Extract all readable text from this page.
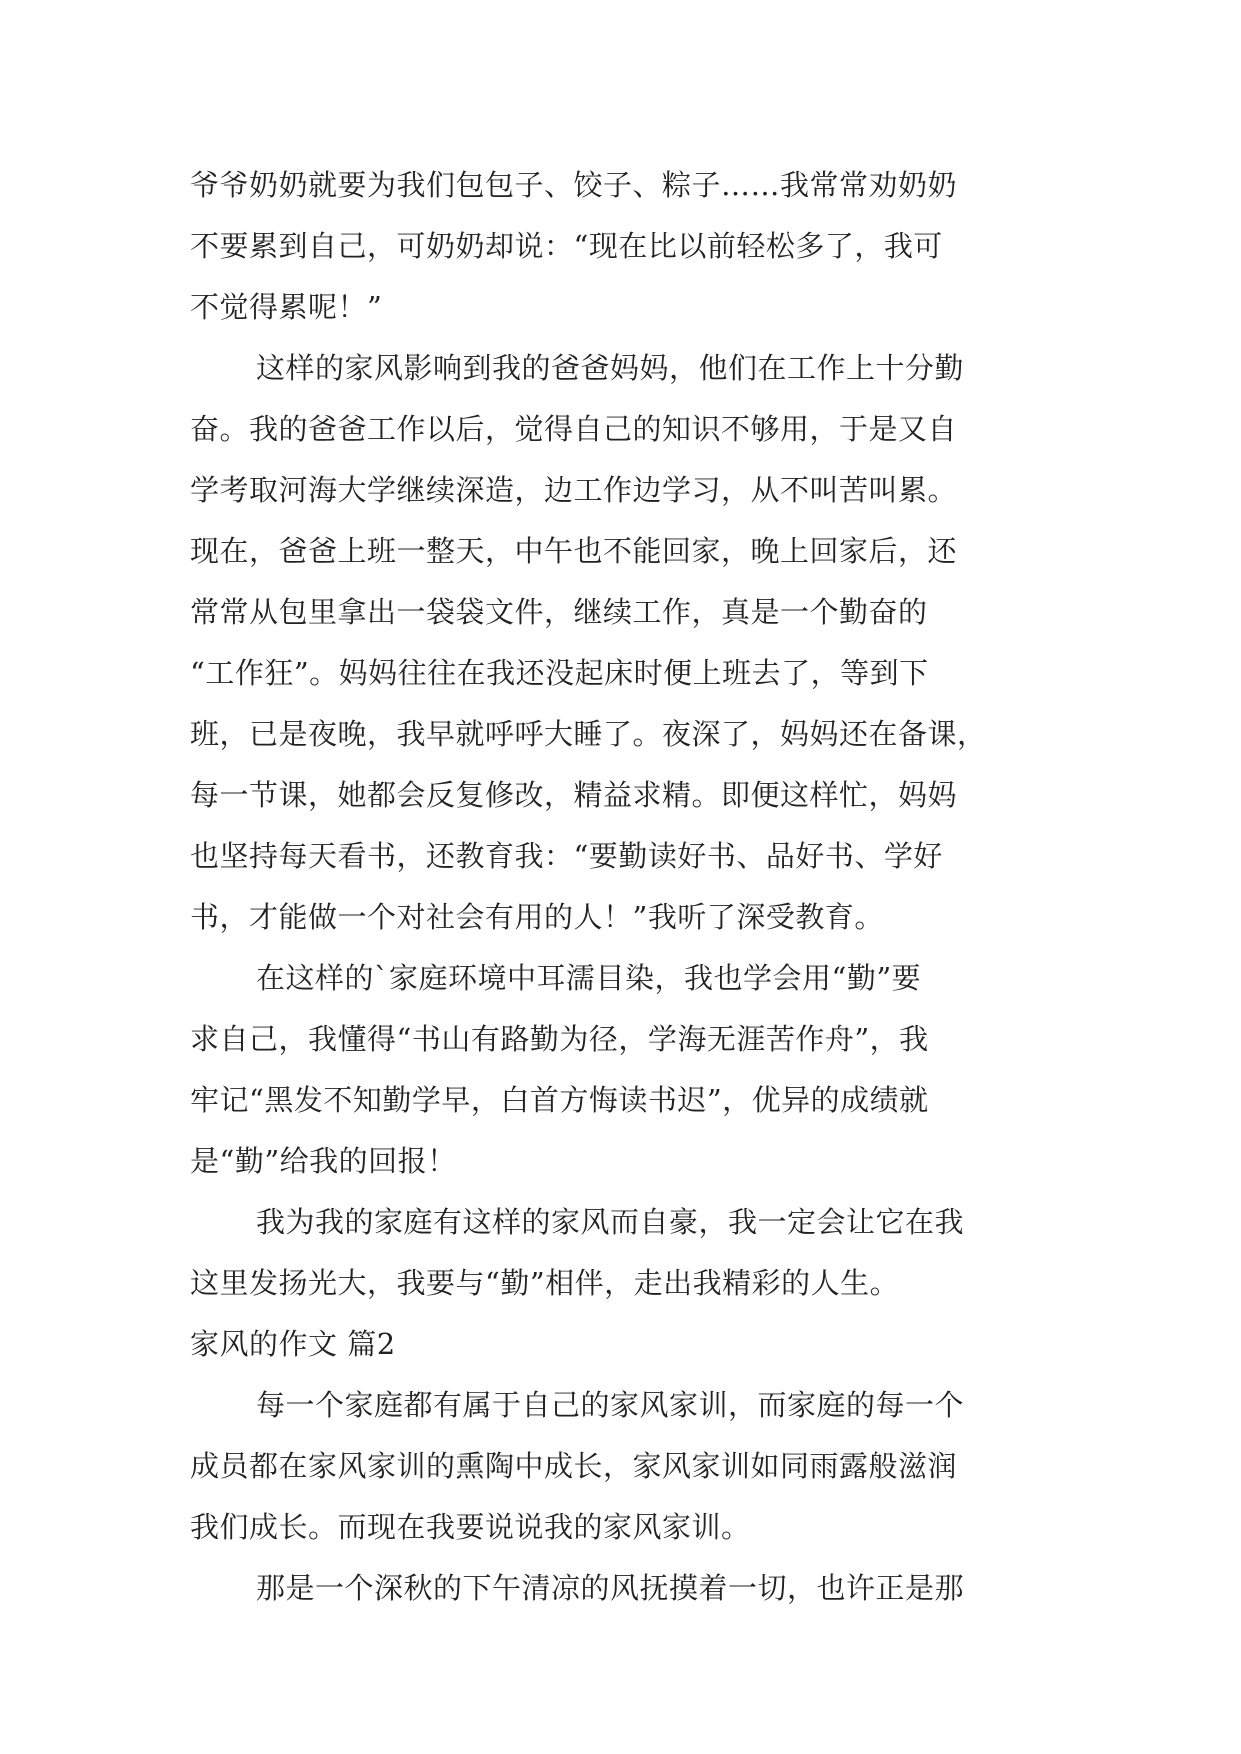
爷爷奶奶就要为我们包包子、饺子、粽子……我常常劝奶奶
不要累到自己，可奶奶却说：“现在比以前轻松多了，我可
不觉得累呢！”
这样的家风影响到我的爸爸妈妈，他们在工作上十分勤
奋。我的爸爸工作以后，觉得自己的知识不够用，于是又自
学考取河海大学继续深造，边工作边学习，从不叫苦叫累。
现在，爸爸上班一整天，中午也不能回家，晚上回家后，还
常常从包里拿出一袋袋文件，继续工作，真是一个勤奋的
“工作狂”。妈妈往往在我还没起床时便上班去了，等到下
班，已是夜晚，我早就呼呼大睡了。夜深了，妈妈还在备课，
每一节课，她都会反复修改，精益求精。即便这样忙，妈妈
也坚持每天看书，还教育我：“要勤读好书、品好书、学好
书，才能做一个对社会有用的人！”我听了深受教育。
在这样的`家庭环境中耳濡目染，我也学会用“勤”要
求自己，我懂得“书山有路勤为径，学海无涯苦作舟”，我
牢记“黑发不知勤学早，白首方悔读书迟”，优异的成绩就
是“勤”给我的回报！
我为我的家庭有这样的家风而自豪，我一定会让它在我
这里发扬光大，我要与“勤”相伴，走出我精彩的人生。
家风的作文 篇2
每一个家庭都有属于自己的家风家训，而家庭的每一个
成员都在家风家训的熏陶中成长，家风家训如同雨露般滋润
我们成长。而现在我要说说我的家风家训。
那是一个深秋的下午清凉的风抚摸着一切，也许正是那
